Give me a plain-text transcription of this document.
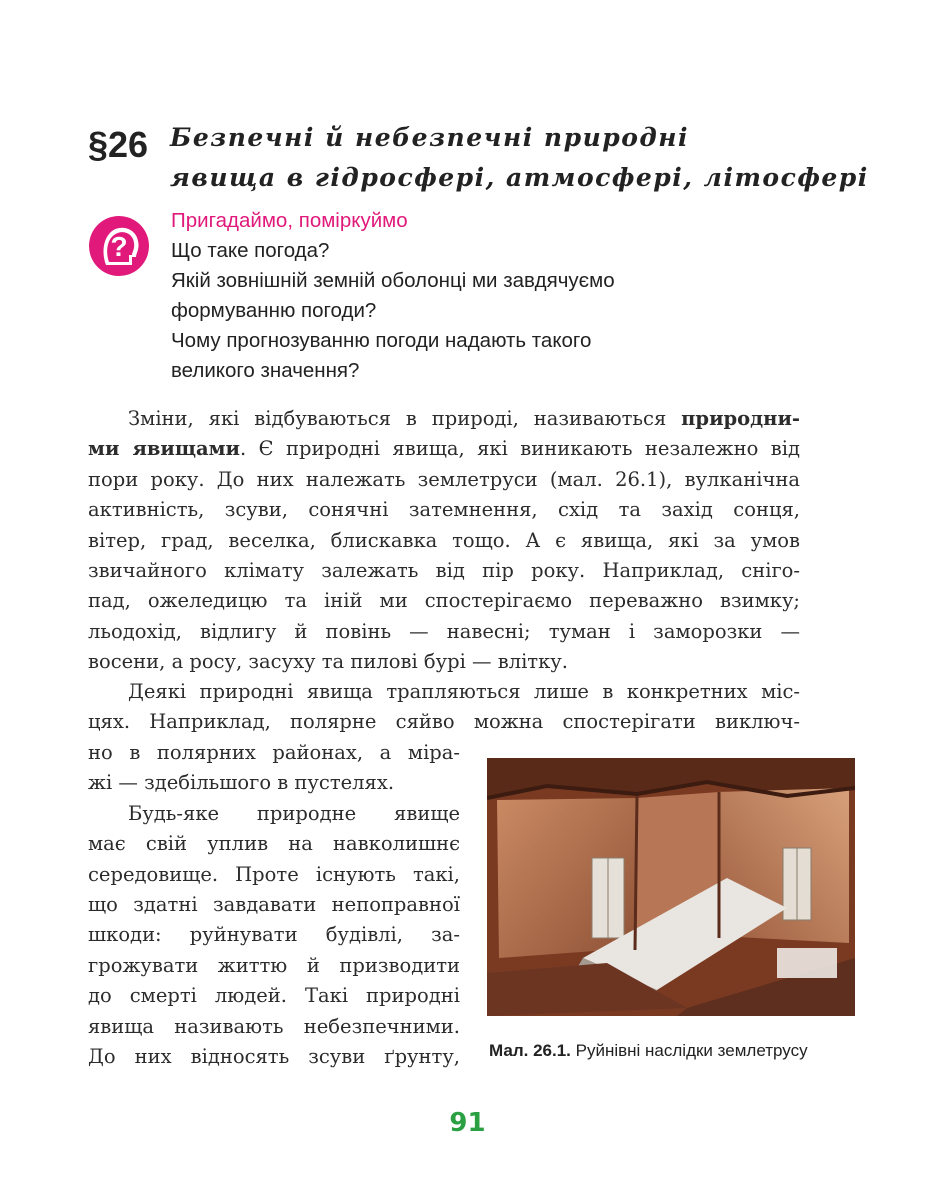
§26 Безпечні й небезпечні природні
явища в гідросфері, атмосфері, літосфері
?
Пригадаймо, поміркуймо
Що таке погода?
Якій зовнішній земній оболонці ми завдячуємо
формуванню погоди?
Чому прогнозуванню погоди надають такого
великого значення?
Зміни, які відбуваються в природі, називаються природни-
ми явищами. Є природні явища, які виникають незалежно від
пори року. До них належать землетруси (мал. 26.1), вулканічна
активність, зсуви, сонячні затемнення, схід та захід сонця,
вітер, град, веселка, блискавка тощо. А є явища, які за умов
звичайного клімату залежать від пір року. Наприклад, сніго-
пад, ожеледицю та іній ми спостерігаємо переважно взимку;
льодохід, відлигу й повінь — навесні; туман і заморозки —
восени, а росу, засуху та пилові бурі — влітку.
Деякі природні явища трапляються лише в конкретних міс-
цях. Наприклад, полярне сяйво можна спостерігати виключ-
но в полярних районах, а міра-
жі — здебільшого в пустелях.
Будь-яке природне явище
має свій уплив на навколишнє
середовище. Проте існують такі,
що здатні завдавати непоправної
шкоди: руйнувати будівлі, за-
грожувати життю й призводити
до смерті людей. Такі природні
явища називають небезпечними.
До них відносять зсуви ґрунту, Мал. 26.1. Руйнівні наслідки землетрусу
91
